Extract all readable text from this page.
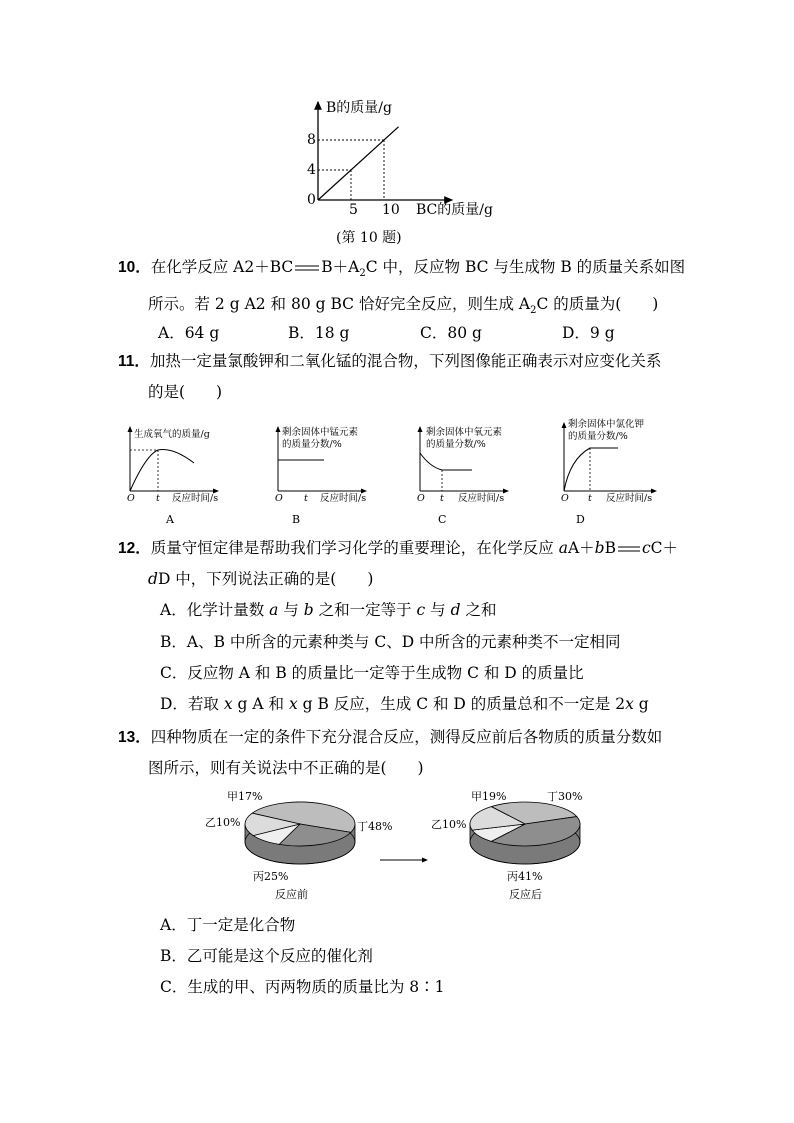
B的质量/g
BC的质量/g
0
4
8
5 10
(第 10 题)
10．在化学反应 A2＋BC $B+A_2C$ 中，反应物 BC 与生成物 B 的质量关系如图
所示。若 2 g A2 和 80 g BC 恰好完全反应，则生成 $A_2C$ 的质量为(　　)
A．64 g	B．18 g	C．80 g	D．9 g
11．加热一定量氯酸钾和二氧化锰的混合物，下列图像能正确表示对应变化关系
的是(　　)
生成氧气的质量/g
O t 反应时间/s
A
剩余固体中锰元素
的质量分数/%
O t 反应时间/s
B
剩余固体中氧元素
的质量分数/%
O t 反应时间/s
C
剩余固体中氯化钾
的质量分数/%
O t 反应时间/s
D
12．质量守恒定律是帮助我们学习化学的重要理论，在化学反应 aA＋bB cC＋
dD 中，下列说法正确的是(　　)
A．化学计量数 a 与 b 之和一定等于 c 与 d 之和
B．A、B 中所含的元素种类与 C、D 中所含的元素种类不一定相同
C．反应物 A 和 B 的质量比一定等于生成物 C 和 D 的质量比
D．若取 x g A 和 x g B 反应，生成 C 和 D 的质量总和不一定是 2x g
13．四种物质在一定的条件下充分混合反应，测得反应前后各物质的质量分数如
图所示，则有关说法中不正确的是(　　)
甲17%
乙10%	丁48%
丙25%
反应前
甲19%
乙10%
丁30%
丙41%
反应后
A．丁一定是化合物
B．乙可能是这个反应的催化剂
C．生成的甲、丙两物质的质量比为 8∶1
